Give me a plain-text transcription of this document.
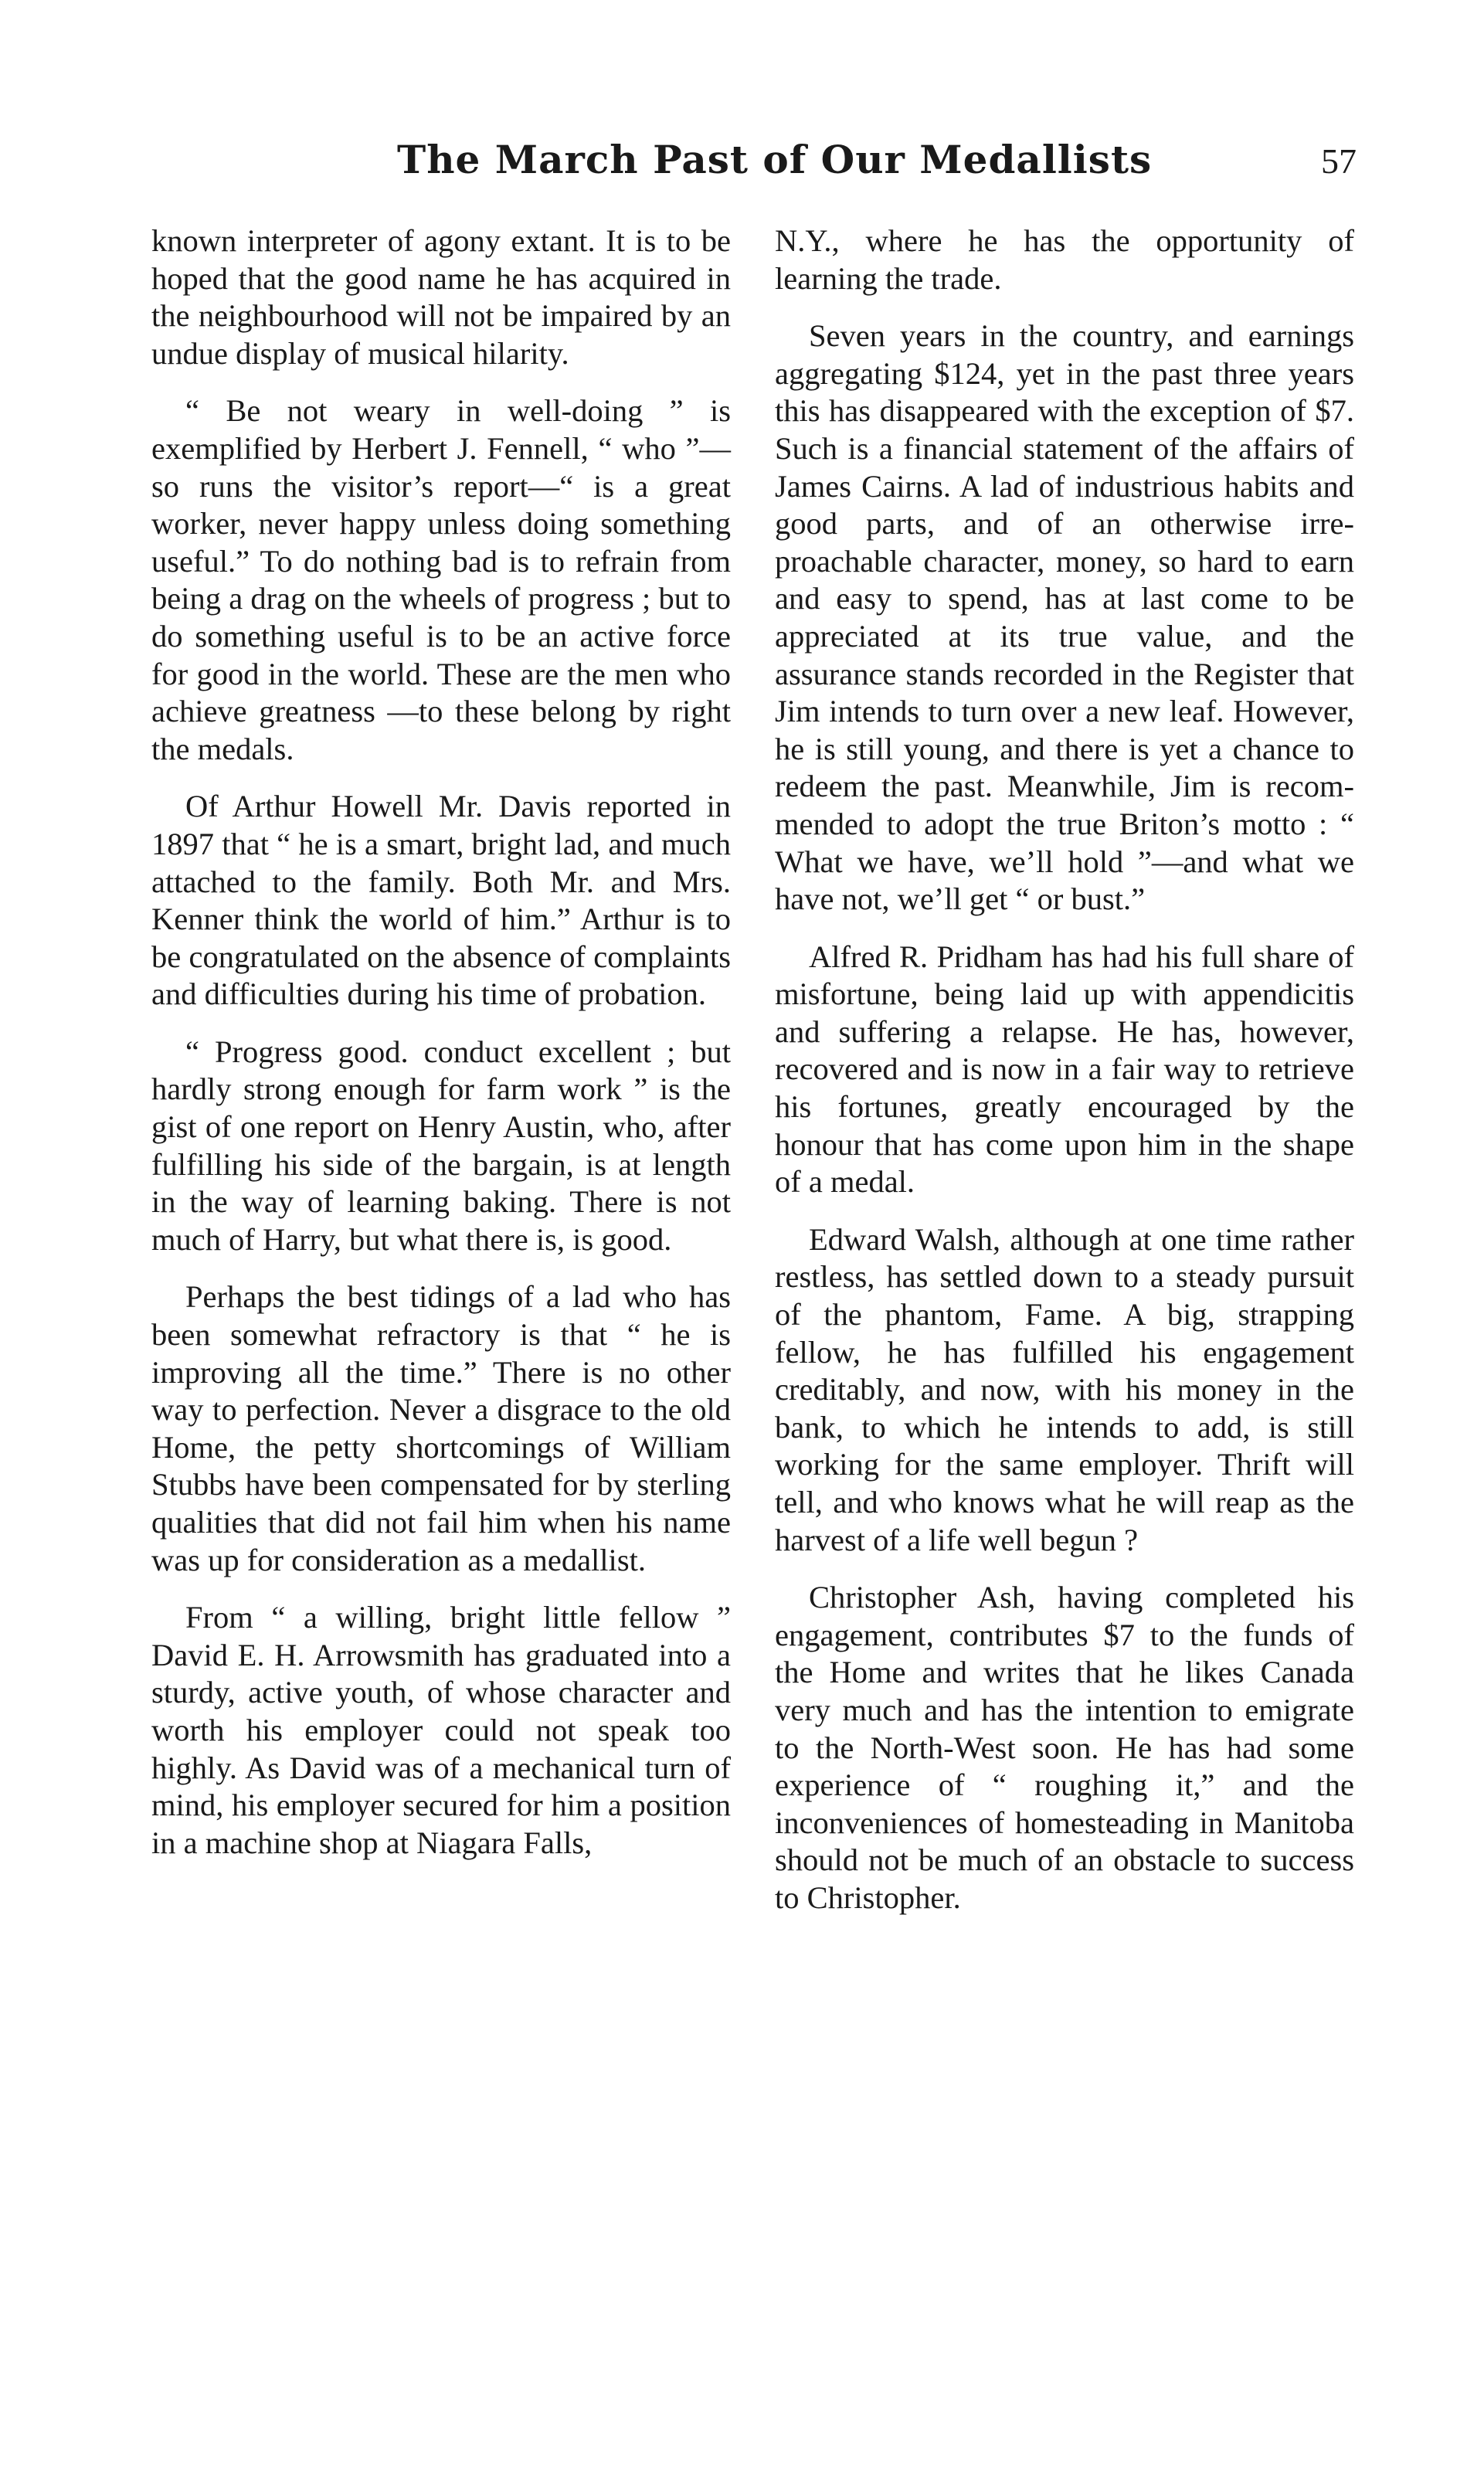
The March Past of Our Medallists	57

known interpreter of agony extant. It is to be hoped that the good name he has acquired in the neighbourhood will not be impaired by an undue display of musical hilarity.

“ Be not weary in well-doing ” is exemplified by Herbert J. Fennell, “ who ”—so runs the visitor’s report—“ is a great worker, never happy unless doing something useful.” To do nothing bad is to refrain from being a drag on the wheels of progress ; but to do something useful is to be an active force for good in the world. These are the men who achieve greatness —to these belong by right the medals.

Of Arthur Howell Mr. Davis reported in 1897 that “ he is a smart, bright lad, and much attached to the family. Both Mr. and Mrs. Kenner think the world of him.” Arthur is to be congratulated on the absence of complaints and difficulties during his time of probation.

“ Progress good. conduct excellent ; but hardly strong enough for farm work ” is the gist of one report on Henry Austin, who, after fulfilling his side of the bargain, is at length in the way of learning baking. There is not much of Harry, but what there is, is good.

Perhaps the best tidings of a lad who has been somewhat refractory is that “ he is improving all the time.” There is no other way to perfection. Never a disgrace to the old Home, the petty shortcomings of William Stubbs have been compensated for by sterling qualities that did not fail him when his name was up for consideration as a medallist.

From “ a willing, bright little fellow ” David E. H. Arrowsmith has graduated into a sturdy, active youth, of whose character and worth his employer could not speak too highly. As David was of a mechanical turn of mind, his employer secured for him a position in a machine shop at Niagara Falls,

N.Y., where he has the opportunity of learning the trade.

Seven years in the country, and earnings aggregating $124, yet in the past three years this has disappeared with the exception of $7. Such is a financial statement of the affairs of James Cairns. A lad of industrious habits and good parts, and of an otherwise irreproachable character, money, so hard to earn and easy to spend, has at last come to be appreciated at its true value, and the assurance stands recorded in the Register that Jim intends to turn over a new leaf. However, he is still young, and there is yet a chance to redeem the past. Meanwhile, Jim is recommended to adopt the true Briton’s motto : “ What we have, we’ll hold ”—and what we have not, we’ll get “ or bust.”

Alfred R. Pridham has had his full share of misfortune, being laid up with appendicitis and suffering a relapse. He has, however, recovered and is now in a fair way to retrieve his fortunes, greatly encouraged by the honour that has come upon him in the shape of a medal.

Edward Walsh, although at one time rather restless, has settled down to a steady pursuit of the phantom, Fame. A big, strapping fellow, he has fulfilled his engagement creditably, and now, with his money in the bank, to which he intends to add, is still working for the same employer. Thrift will tell, and who knows what he will reap as the harvest of a life well begun ?

Christopher Ash, having completed his engagement, contributes $7 to the funds of the Home and writes that he likes Canada very much and has the intention to emigrate to the North-West soon. He has had some experience of “ roughing it,” and the inconveniences of homesteading in Manitoba should not be much of an obstacle to success to Christopher.
